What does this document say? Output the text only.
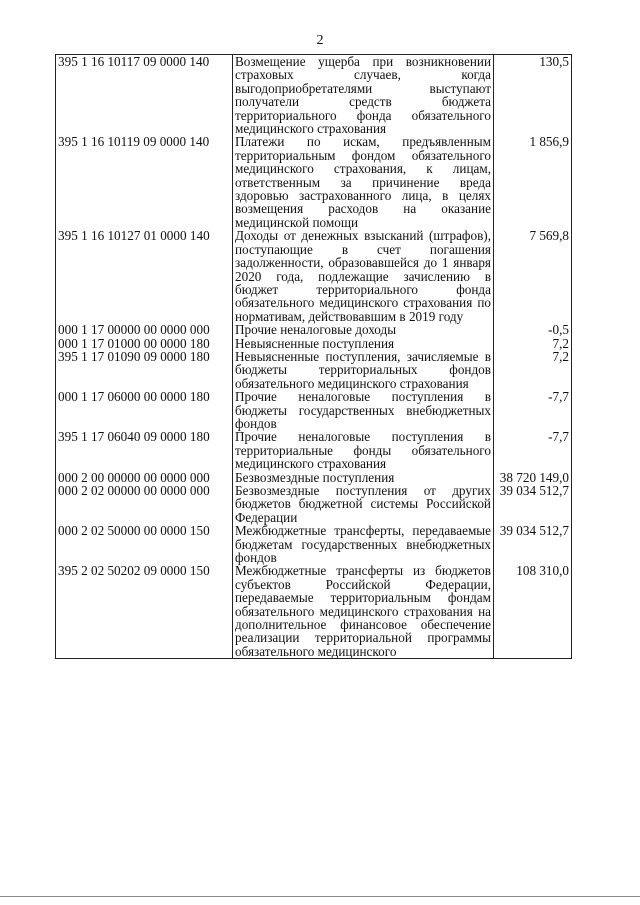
2
395 1 16 10117 09 0000 140	Возмещение ущерба при возникновении страховых случаев, когда выгодоприобретателями выступают получатели средств бюджета территориального фонда обязательного медицинского страхования	130,5
395 1 16 10119 09 0000 140	Платежи по искам, предъявленным территориальным фондом обязательного медицинского страхования, к лицам, ответственным за причинение вреда здоровью застрахованного лица, в целях возмещения расходов на оказание медицинской помощи	1 856,9
395 1 16 10127 01 0000 140	Доходы от денежных взысканий (штрафов), поступающие в счет погашения задолженности, образовавшейся до 1 января 2020 года, подлежащие зачислению в бюджет территориального фонда обязательного медицинского страхования по нормативам, действовавшим в 2019 году	7 569,8
000 1 17 00000 00 0000 000	Прочие неналоговые доходы	-0,5
000 1 17 01000 00 0000 180	Невыясненные поступления	7,2
395 1 17 01090 09 0000 180	Невыясненные поступления, зачисляемые в бюджеты территориальных фондов обязательного медицинского страхования	7,2
000 1 17 06000 00 0000 180	Прочие неналоговые поступления в бюджеты государственных внебюджетных фондов	-7,7
395 1 17 06040 09 0000 180	Прочие неналоговые поступления в территориальные фонды обязательного медицинского страхования	-7,7
000 2 00 00000 00 0000 000	Безвозмездные поступления	38 720 149,0
000 2 02 00000 00 0000 000	Безвозмездные поступления от других бюджетов бюджетной системы Российской Федерации	39 034 512,7
000 2 02 50000 00 0000 150	Межбюджетные трансферты, передаваемые бюджетам государственных внебюджетных фондов	39 034 512,7
395 2 02 50202 09 0000 150	Межбюджетные трансферты из бюджетов субъектов Российской Федерации, передаваемые территориальным фондам обязательного медицинского страхования на дополнительное финансовое обеспечение реализации территориальной программы обязательного медицинского	108 310,0
